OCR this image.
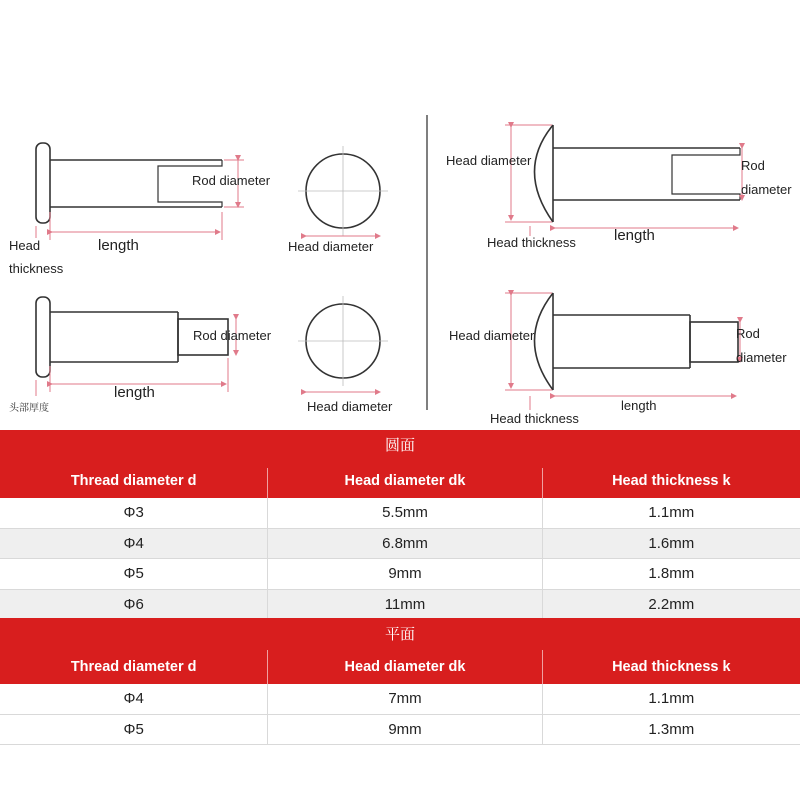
Rod diameter
length
Head
thickness
Head diameter
Rod diameter
length
头部厚度	Head diameter
Head diameter	Rod
diameter
Head thickness	length
Head diameter	Rod
diameter
Head thickness
length
圆面
Thread diameter d	Head diameter dk	Head thickness k
Φ3	5.5mm	1.1mm
Φ4	6.8mm	1.6mm
Φ5	9mm	1.8mm
Φ6	11mm	2.2mm
平面
Thread diameter d	Head diameter dk	Head thickness k
Φ4	7mm	1.1mm
Φ5	9mm	1.3mm
